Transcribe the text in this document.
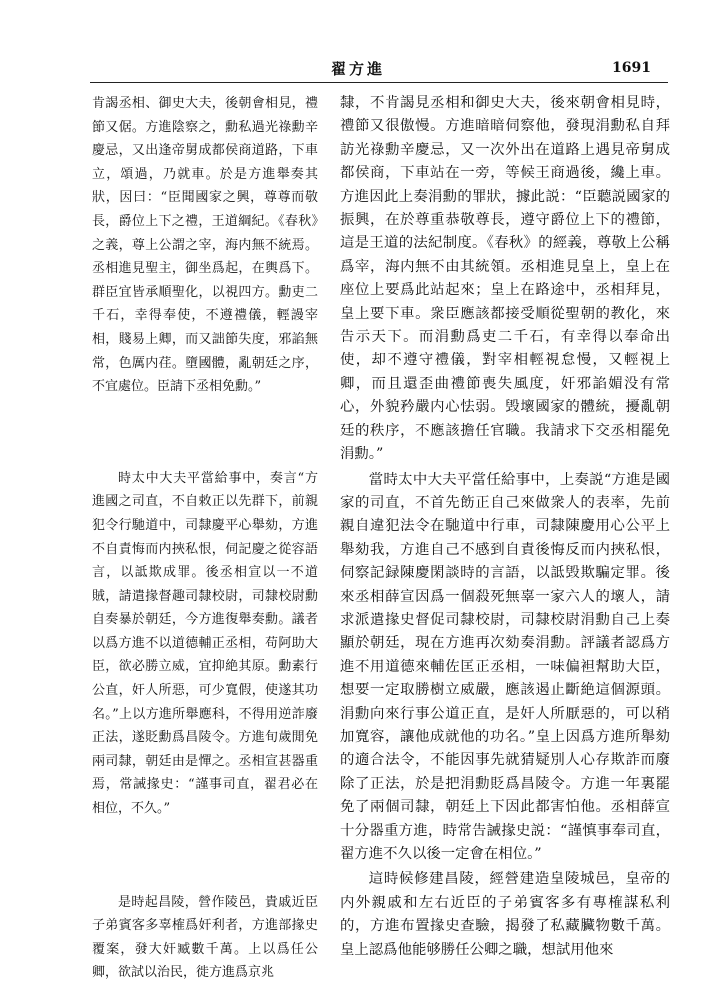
翟方進	1691

肯謁丞相、御史大夫，後朝會相見，禮節又倨。方進陰察之，勳私過光祿勳辛慶忌，又出逢帝舅成都侯商道路，下車立，頌過，乃就車。於是方進舉奏其狀，因曰：“臣聞國家之興，尊尊而敬長，爵位上下之禮，王道綱紀。《春秋》之義，尊上公謂之宰，海内無不統焉。丞相進見聖主，御坐爲起，在輿爲下。群臣宜皆承順聖化，以視四方。勳吏二千石，幸得奉使，不遵禮儀，輕謾宰相，賤易上卿，而又詘節失度，邪諂無常，色厲内荏。墮國體，亂朝廷之序，不宜處位。臣請下丞相免勳。”

時太中大夫平當給事中，奏言“方進國之司直，不自敕正以先群下，前親犯令行馳道中，司隸慶平心舉劾，方進不自責悔而内挾私恨，伺記慶之從容語言，以詆欺成罪。後丞相宣以一不道賊，請遣掾督趣司隸校尉，司隸校尉勳自奏暴於朝廷，今方進復舉奏勳。議者以爲方進不以道德輔正丞相，苟阿助大臣，欲必勝立威，宜抑絶其原。勳素行公直，奸人所惡，可少寬假，使遂其功名。”上以方進所舉應科，不得用逆詐廢正法，遂貶勳爲昌陵令。方進旬歲閒免兩司隸，朝廷由是憚之。丞相宣甚器重焉，常誡掾史：“謹事司直，翟君必在相位，不久。”

是時起昌陵，營作陵邑，貴戚近臣子弟賓客多辜榷爲奸利者，方進部掾史覆案，發大奸臧數千萬。上以爲任公卿，欲試以治民，徙方進爲京兆

隸，不肯謁見丞相和御史大夫，後來朝會相見時，禮節又很傲慢。方進暗暗伺察他，發現涓勳私自拜訪光祿勳辛慶忌，又一次外出在道路上遇見帝舅成都侯商，下車站在一旁，等候王商過後，纔上車。方進因此上奏涓勳的罪狀，據此説：“臣聽説國家的振興，在於尊重恭敬尊長，遵守爵位上下的禮節，這是王道的法紀制度。《春秋》的經義，尊敬上公稱爲宰，海内無不由其統領。丞相進見皇上，皇上在座位上要爲此站起來；皇上在路途中，丞相拜見，皇上要下車。衆臣應該都接受順從聖朝的教化，來告示天下。而涓勳爲吏二千石，有幸得以奉命出使，却不遵守禮儀，對宰相輕視怠慢，又輕視上卿，而且還歪曲禮節喪失風度，奸邪諂媚没有常心，外貌矜嚴内心怯弱。毁壞國家的體統，擾亂朝廷的秩序，不應該擔任官職。我請求下交丞相罷免涓勳。”

當時太中大夫平當任給事中，上奏説“方進是國家的司直，不首先飭正自己來做衆人的表率，先前親自違犯法令在馳道中行車，司隸陳慶用心公平上舉劾我，方進自己不感到自責後悔反而内挾私恨，伺察記録陳慶閑談時的言語，以詆毁欺騙定罪。後來丞相薛宣因爲一個殺死無辜一家六人的壞人，請求派遣掾史督促司隸校尉，司隸校尉涓勳自己上奏顯於朝廷，現在方進再次劾奏涓勳。評議者認爲方進不用道德來輔佐匡正丞相，一味偏袒幫助大臣，想要一定取勝樹立威嚴，應該遏止斷絶這個源頭。涓勳向來行事公道正直，是奸人所厭惡的，可以稍加寬容，讓他成就他的功名。”皇上因爲方進所舉劾的適合法令，不能因事先就猜疑別人心存欺詐而廢除了正法，於是把涓勳貶爲昌陵令。方進一年裏罷免了兩個司隸，朝廷上下因此都害怕他。丞相薛宣十分器重方進，時常告誡掾史説：“謹慎事奉司直，翟方進不久以後一定會在相位。”

這時候修建昌陵，經營建造皇陵城邑，皇帝的内外親戚和左右近臣的子弟賓客多有專榷謀私利的，方進布置掾史查驗，揭發了私藏臟物數千萬。皇上認爲他能够勝任公卿之職，想試用他來
